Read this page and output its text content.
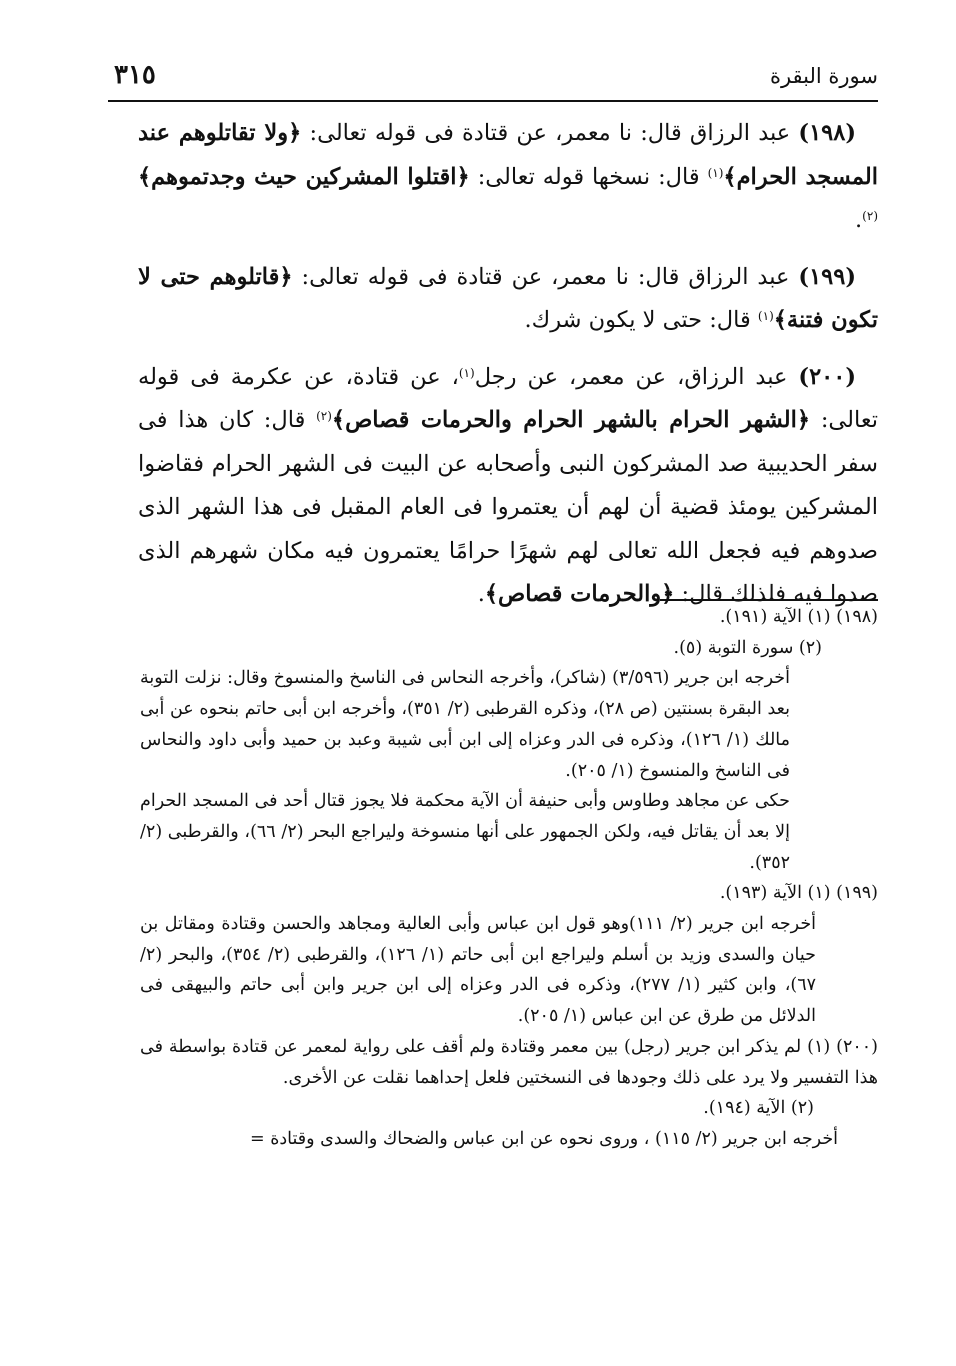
سورة البقرة
٣١٥

(١٩٨) عبد الرزاق قال: نا معمر، عن قتادة فى قوله تعالى: ﴿ولا تقاتلوهم عند المسجد الحرام﴾$^{(١)}$ قال: نسخها قوله تعالى: ﴿اقتلوا المشركين حيث وجدتموهم﴾$^{(٢)}$.

(١٩٩) عبد الرزاق قال: نا معمر، عن قتادة فى قوله تعالى: ﴿قاتلوهم حتى لا تكون فتنة﴾$^{(١)}$ قال: حتى لا يكون شرك.

(٢٠٠) عبد الرزاق، عن معمر، عن رجل$^{(١)}$، عن قتادة، عن عكرمة فى قوله تعالى: ﴿الشهر الحرام بالشهر الحرام والحرمات قصاص﴾$^{(٢)}$ قال: كان هذا فى سفر الحديبية صد المشركون النبى وأصحابه عن البيت فى الشهر الحرام فقاضوا المشركين يومئذ قضية أن لهم أن يعتمروا فى العام المقبل فى هذا الشهر الذى صدوهم فيه فجعل الله تعالى لهم شهرًا حرامًا يعتمرون فيه مكان شهرهم الذى صدوا فيه فلذلك قال: ﴿والحرمات قصاص﴾.

(١٩٨) (١) الآية (١٩١).

(٢) سورة التوبة (٥).

أخرجه ابن جرير (٣/٥٩٦) (شاكر)، وأخرجه النحاس فى الناسخ والمنسوخ وقال: نزلت التوبة بعد البقرة بسنتين (ص ٢٨)، وذكره القرطبى (٢/ ٣٥١)، وأخرجه ابن أبى حاتم بنحوه عن أبى مالك (١/ ١٢٦)، وذكره فى الدر وعزاه إلى ابن أبى شيبة وعبد بن حميد وأبى داود والنحاس فى الناسخ والمنسوخ (١/ ٢٠٥).

حكى عن مجاهد وطاوس وأبى حنيفة أن الآية محكمة فلا يجوز قتال أحد فى المسجد الحرام إلا بعد أن يقاتل فيه، ولكن الجمهور على أنها منسوخة وليراجع البحر (٢/ ٦٦)، والقرطبى (٢/ ٣٥٢).

(١٩٩) (١) الآية (١٩٣).

أخرجه ابن جرير (٢/ ١١١)وهو قول ابن عباس وأبى العالية ومجاهد والحسن وقتادة ومقاتل بن حيان والسدى وزيد بن أسلم وليراجع ابن أبى حاتم (١/ ١٢٦)، والقرطبى (٢/ ٣٥٤)، والبحر (٢/ ٦٧)، وابن كثير (١/ ٢٧٧)، وذكره فى الدر وعزاه إلى ابن جرير وابن أبى حاتم والبيهقى فى الدلائل من طرق عن ابن عباس (١/ ٢٠٥).

(٢٠٠) (١) لم يذكر ابن جرير (رجل) بين معمر وقتادة ولم أقف على رواية لمعمر عن قتادة بواسطة فى هذا التفسير ولا يرد على ذلك وجودها فى النسختين فلعل إحداهما نقلت عن الأخرى.

(٢) الآية (١٩٤).

أخرجه ابن جرير (٢/ ١١٥) ، وروى نحوه عن ابن عباس والضحاك والسدى وقتادة =
